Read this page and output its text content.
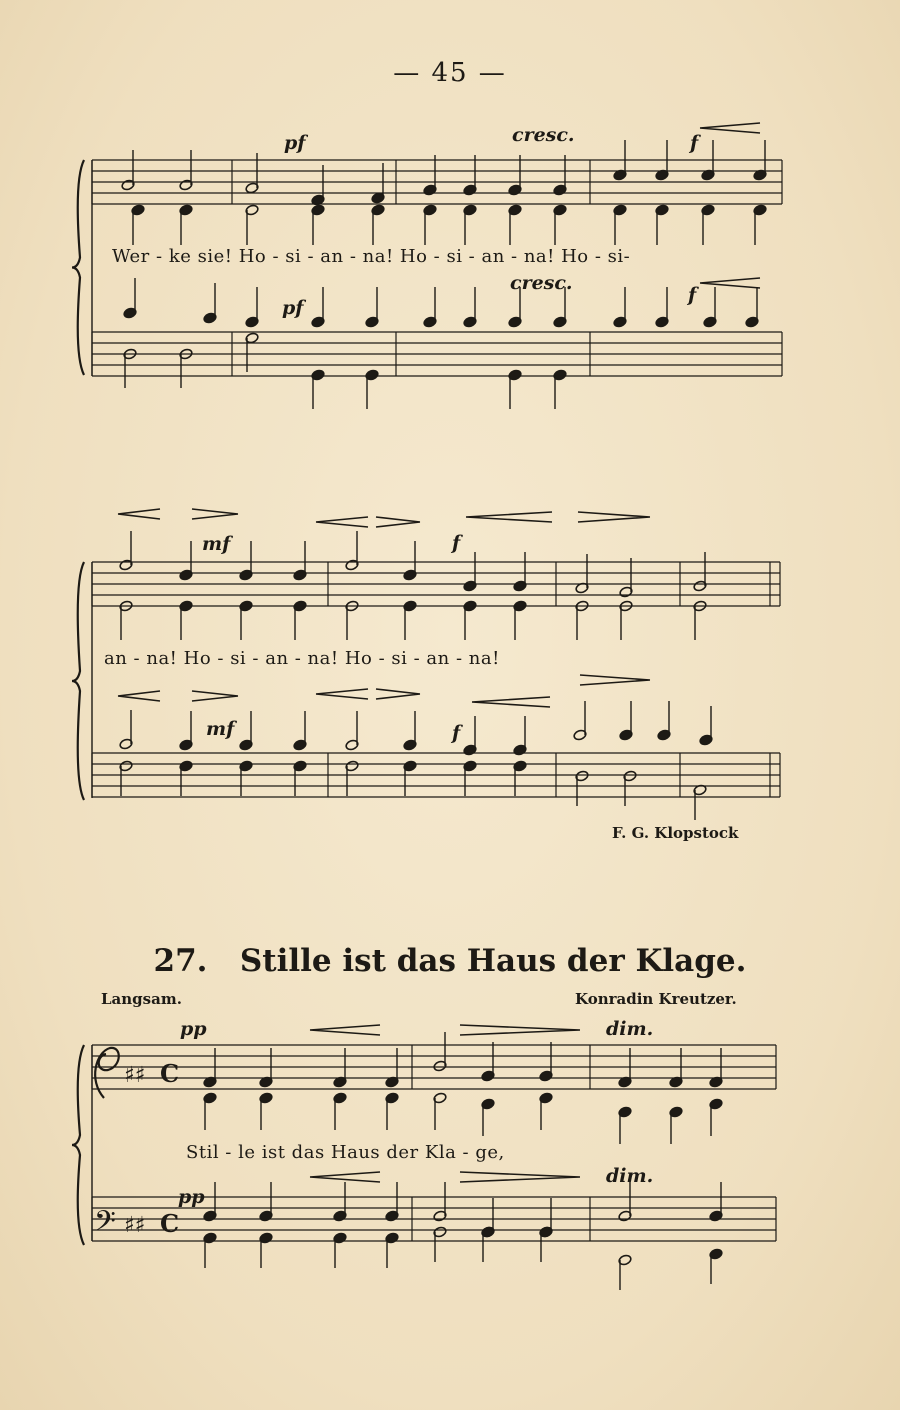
— 45 —
♯♯ C
𝄢 ♯♯ C
pf	cresc.	f
Wer - ke sie! Ho - si - an - na! Ho - si - an - na! Ho - si-
cresc.
pf
f
mf	f
an - na! Ho - si - an - na! Ho - si - an - na!
mf	f
F. G. Klopstock
27. Stille ist das Haus der Klage.
Langsam.	Konradin Kreutzer.
pp	dim.
Stil - le ist das Haus der Kla - ge,
dim.
pp
